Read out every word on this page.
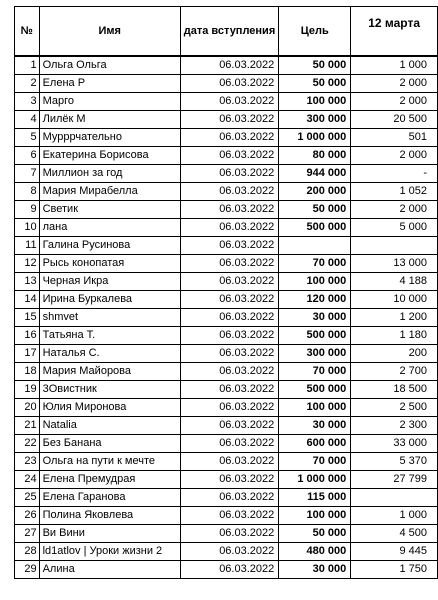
№	Имя	дата вступления	Цель	12 марта
1	Ольга Ольга	06.03.2022	50 000	1 000
2	Елена Р	06.03.2022	50 000	2 000
3	Марго	06.03.2022	100 000	2 000
4	Лилёк М	06.03.2022	300 000	20 500
5	Мурррчательно	06.03.2022	1 000 000	501
6	Екатерина Борисова	06.03.2022	80 000	2 000
7	Миллион за год	06.03.2022	944 000	-
8	Мария Мирабелла	06.03.2022	200 000	1 052
9	Светик	06.03.2022	50 000	2 000
10	лана	06.03.2022	500 000	5 000
11	Галина Русинова	06.03.2022		
12	Рысь конопатая	06.03.2022	70 000	13 000
13	Черная Икра	06.03.2022	100 000	4 188
14	Ирина Буркалева	06.03.2022	120 000	10 000
15	shmvet	06.03.2022	30 000	1 200
16	Татьяна Т.	06.03.2022	500 000	1 180
17	Наталья С.	06.03.2022	300 000	200
18	Мария Майорова	06.03.2022	70 000	2 700
19	3Овистник	06.03.2022	500 000	18 500
20	Юлия Миронова	06.03.2022	100 000	2 500
21	Natalia	06.03.2022	30 000	2 300
22	Без Банана	06.03.2022	600 000	33 000
23	Ольга на пути к мечте	06.03.2022	70 000	5 370
24	Елена Премудрая	06.03.2022	1 000 000	27 799
25	Елена Гаранова	06.03.2022	115 000	
26	Полина Яковлева	06.03.2022	100 000	1 000
27	Ви Вини	06.03.2022	50 000	4 500
28	ld1atlov | Уроки жизни 2	06.03.2022	480 000	9 445
29	Алина	06.03.2022	30 000	1 750
